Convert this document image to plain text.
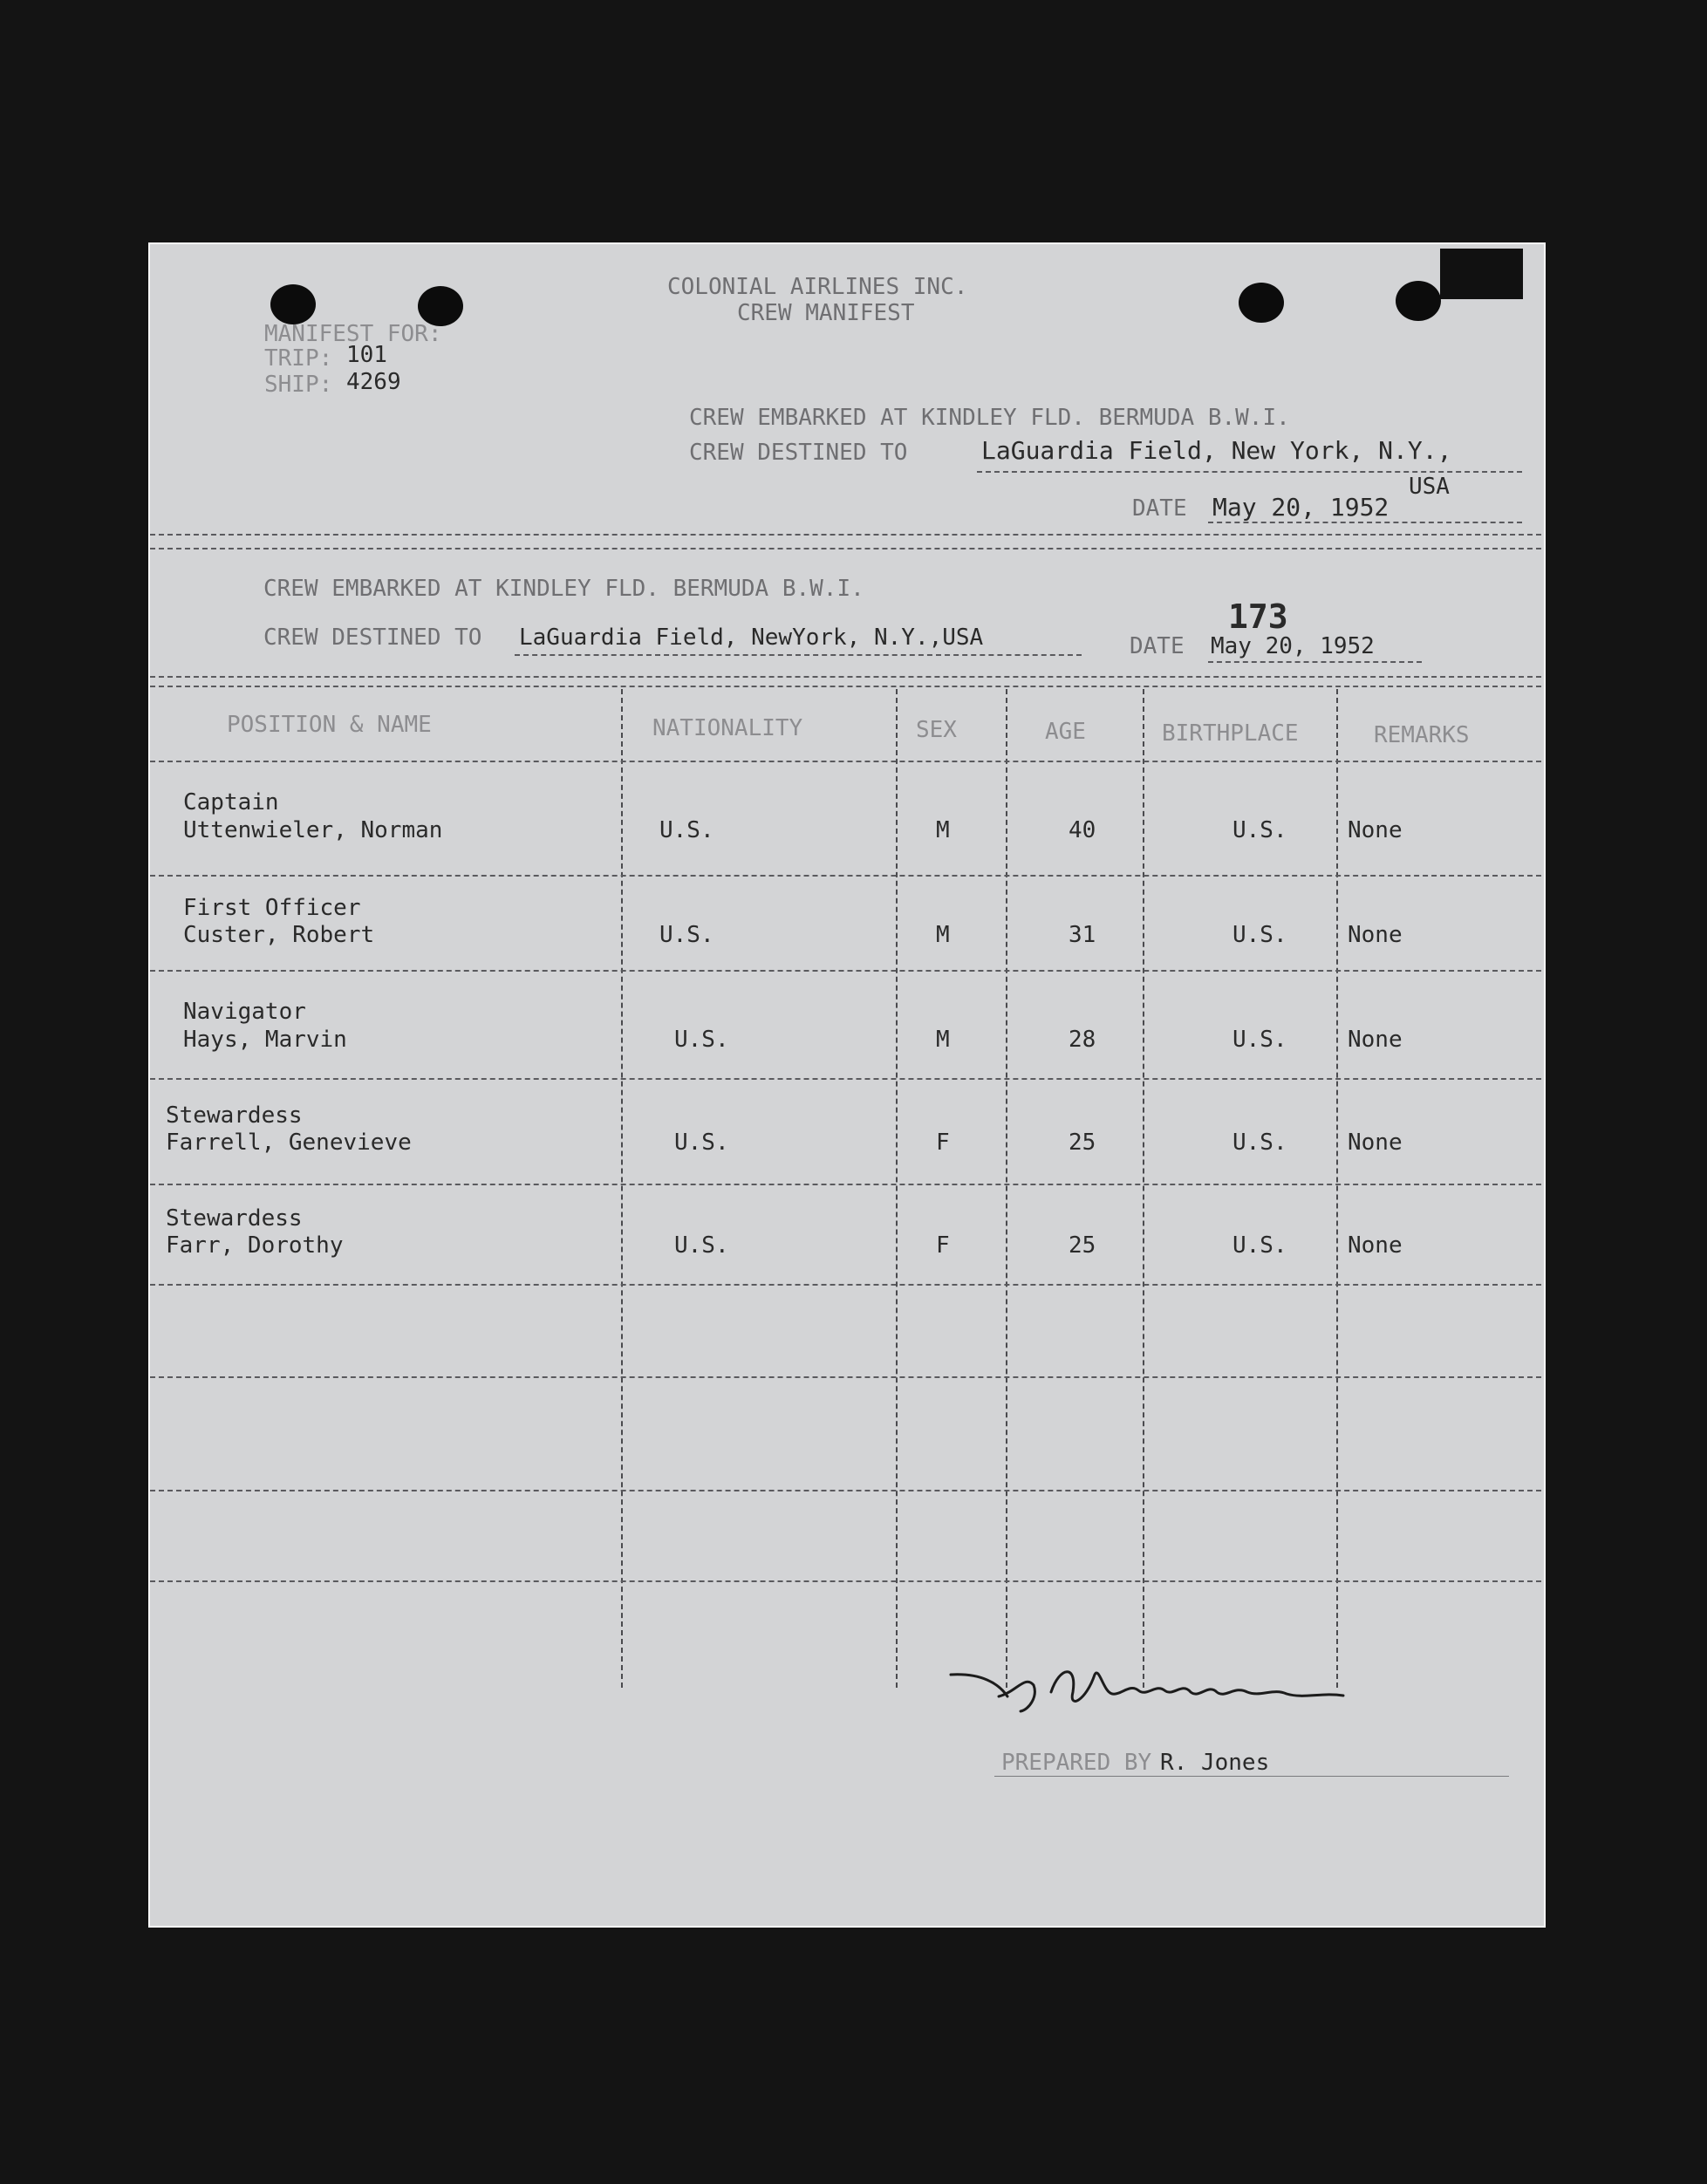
COLONIAL AIRLINES INC.
CREW MANIFEST
MANIFEST FOR:
TRIP: 101
SHIP: 4269
CREW EMBARKED AT KINDLEY FLD. BERMUDA B.W.I.
CREW DESTINED TO	LaGuardia Field, New York, N.Y.,
USA
DATE May 20, 1952
CREW EMBARKED AT KINDLEY FLD. BERMUDA B.W.I.
CREW DESTINED TO LaGuardia Field, NewYork, N.Y.,USA
173
DATE May 20, 1952
POSITION & NAME	NATIONALITY	SEX	AGE	BIRTHPLACE	REMARKS
Captain
Uttenwieler, Norman	U.S.	M	40	U.S.	None
First Officer
Custer, Robert	U.S.	M	31	U.S.	None
Navigator
Hays, Marvin	U.S.	M	28	U.S.	None
Stewardess
Farrell, Genevieve	U.S.	F	25	U.S.	None
Stewardess
Farr, Dorothy	U.S.	F	25	U.S.	None
PREPARED BY R. Jones
